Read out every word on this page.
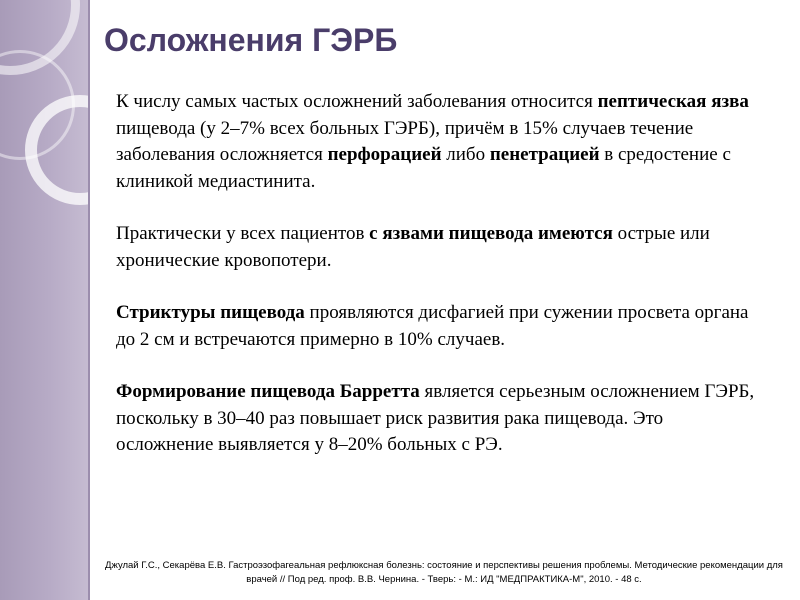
Осложнения ГЭРБ

К числу самых частых осложнений заболевания относится пептическая язва пищевода (у 2–7% всех больных ГЭРБ), причём в 15% случаев течение заболевания осложняется перфорацией либо пенетрацией в средостение с клиникой медиастинита.

Практически у всех пациентов с язвами пищевода имеются острые или хронические кровопотери.

Стриктуры пищевода проявляются дисфагией при сужении просвета органа до 2 см и встречаются примерно в 10% случаев.

Формирование пищевода Барретта является серьезным осложнением ГЭРБ, поскольку в 30–40 раз повышает риск развития рака пищевода. Это осложнение выявляется у 8–20% больных с РЭ.

Джулай Г.С., Секарёва Е.В. Гастроэзофагеальная рефлюксная болезнь: состояние и перспективы решения проблемы. Методические рекомендации для врачей // Под ред. проф. В.В. Чернина. - Тверь: - М.: ИД "МЕДПРАКТИКА-М", 2010. - 48 с.
